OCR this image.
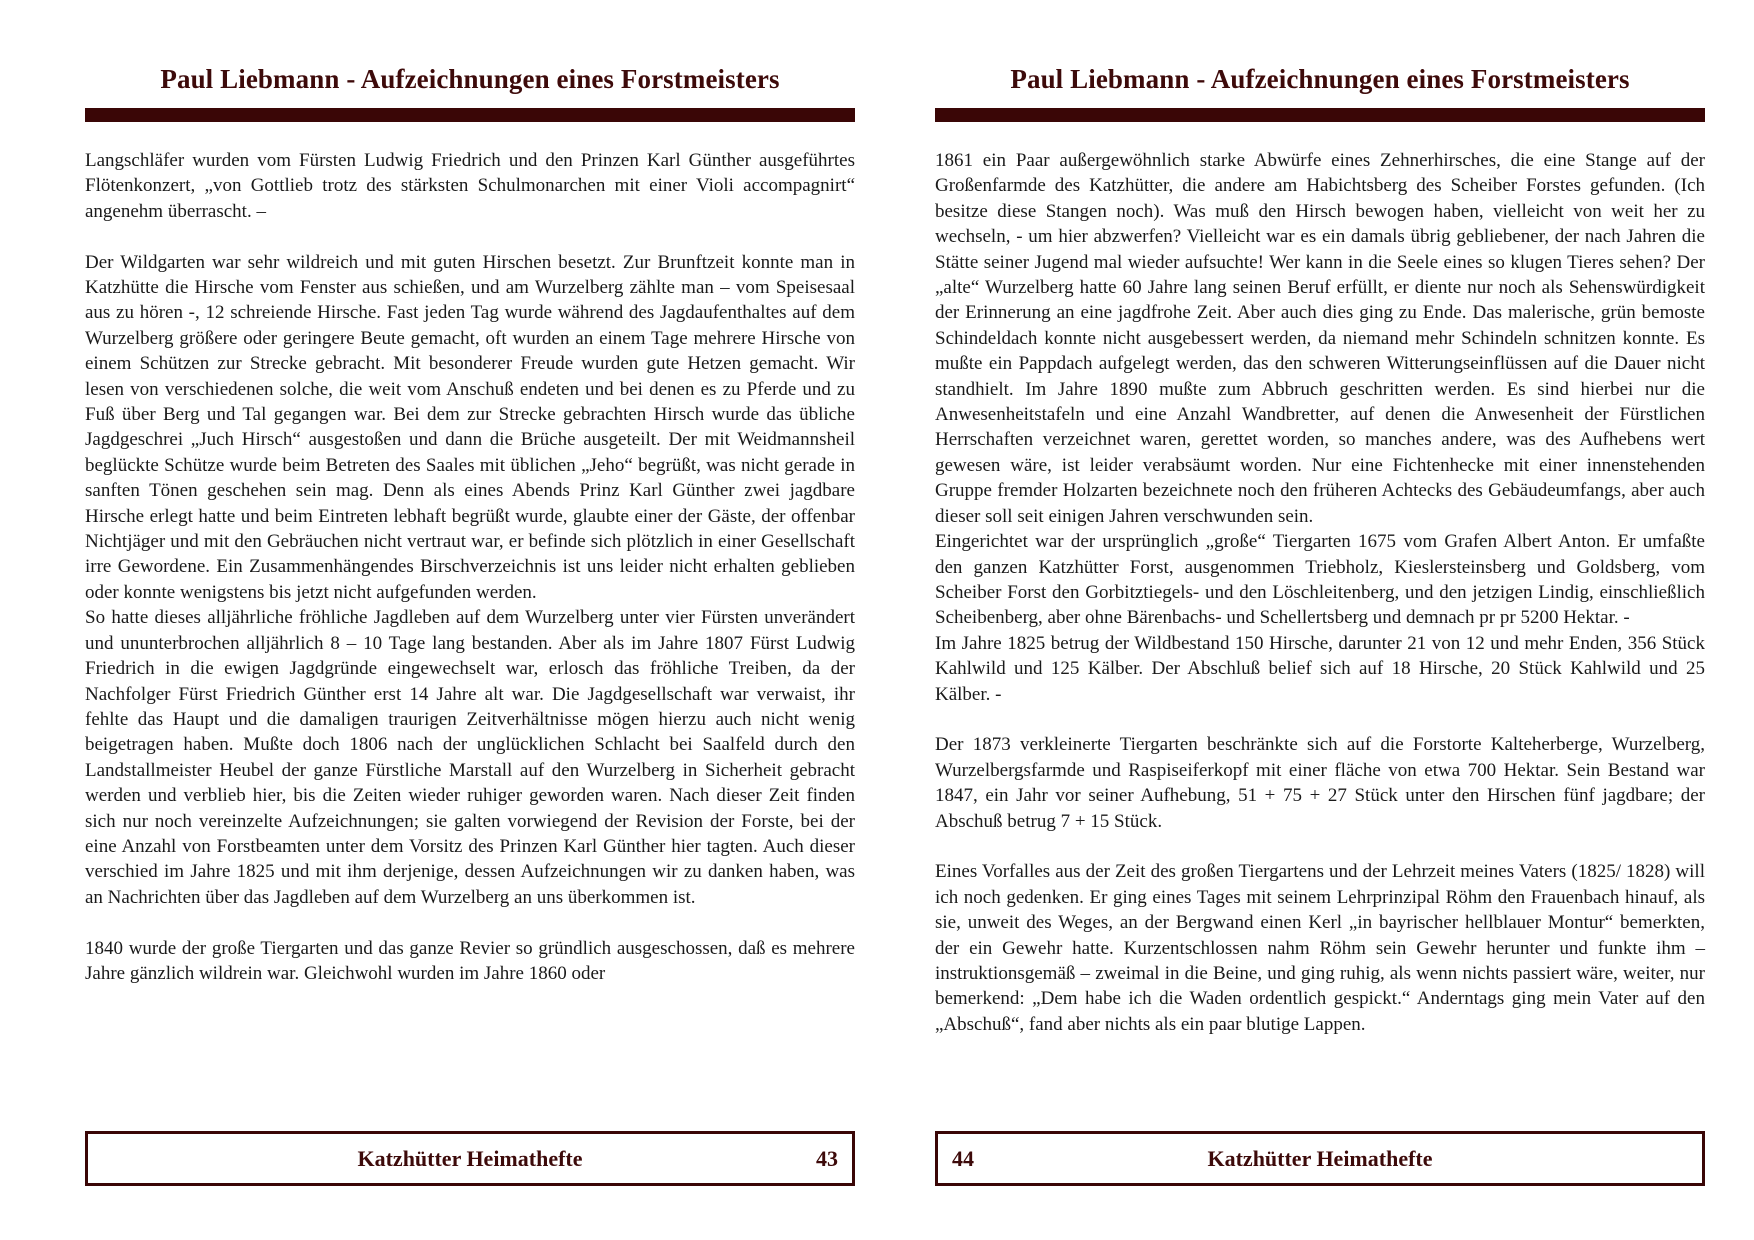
Paul Liebmann - Aufzeichnungen eines Forstmeisters

Langschläfer wurden vom Fürsten Ludwig Friedrich und den Prinzen Karl Günther ausgeführtes Flötenkonzert, „von Gottlieb trotz des stärksten Schulmonarchen mit einer Violi accompagnirt“ angenehm überrascht. –

Der Wildgarten war sehr wildreich und mit guten Hirschen besetzt. Zur Brunftzeit konnte man in Katzhütte die Hirsche vom Fenster aus schießen, und am Wurzelberg zählte man – vom Speisesaal aus zu hören -, 12 schreiende Hirsche. Fast jeden Tag wurde während des Jagdaufenthaltes auf dem Wurzelberg größere oder geringere Beute gemacht, oft wurden an einem Tage mehrere Hirsche von einem Schützen zur Strecke gebracht. Mit besonderer Freude wurden gute Hetzen gemacht. Wir lesen von verschiedenen solche, die weit vom Anschuß endeten und bei denen es zu Pferde und zu Fuß über Berg und Tal gegangen war. Bei dem zur Strecke gebrachten Hirsch wurde das übliche Jagdgeschrei „Juch Hirsch“ ausgestoßen und dann die Brüche ausgeteilt. Der mit Weidmannsheil beglückte Schütze wurde beim Betreten des Saales mit üblichen „Jeho“ begrüßt, was nicht gerade in sanften Tönen geschehen sein mag. Denn als eines Abends Prinz Karl Günther zwei jagdbare Hirsche erlegt hatte und beim Eintreten lebhaft begrüßt wurde, glaubte einer der Gäste, der offenbar Nichtjäger und mit den Gebräuchen nicht vertraut war, er befinde sich plötzlich in einer Gesellschaft irre Gewordene. Ein Zusammenhängendes Birschverzeichnis ist uns leider nicht erhalten geblieben oder konnte wenigstens bis jetzt nicht aufgefunden werden.

So hatte dieses alljährliche fröhliche Jagdleben auf dem Wurzelberg unter vier Fürsten unverändert und ununterbrochen alljährlich 8 – 10 Tage lang bestanden. Aber als im Jahre 1807 Fürst Ludwig Friedrich in die ewigen Jagdgründe eingewechselt war, erlosch das fröhliche Treiben, da der Nachfolger Fürst Friedrich Günther erst 14 Jahre alt war. Die Jagdgesellschaft war verwaist, ihr fehlte das Haupt und die damaligen traurigen Zeitverhältnisse mögen hierzu auch nicht wenig beigetragen haben. Mußte doch 1806 nach der unglücklichen Schlacht bei Saalfeld durch den Landstallmeister Heubel der ganze Fürstliche Marstall auf den Wurzelberg in Sicherheit gebracht werden und verblieb hier, bis die Zeiten wieder ruhiger geworden waren. Nach dieser Zeit finden sich nur noch vereinzelte Aufzeichnungen; sie galten vorwiegend der Revision der Forste, bei der eine Anzahl von Forstbeamten unter dem Vorsitz des Prinzen Karl Günther hier tagten. Auch dieser verschied im Jahre 1825 und mit ihm derjenige, dessen Aufzeichnungen wir zu danken haben, was an Nachrichten über das Jagdleben auf dem Wurzelberg an uns überkommen ist.

1840 wurde der große Tiergarten und das ganze Revier so gründlich ausgeschossen, daß es mehrere Jahre gänzlich wildrein war. Gleichwohl wurden im Jahre 1860 oder

Katzhütter Heimathefte	43
Paul Liebmann - Aufzeichnungen eines Forstmeisters

1861 ein Paar außergewöhnlich starke Abwürfe eines Zehnerhirsches, die eine Stange auf der Großenfarmde des Katzhütter, die andere am Habichtsberg des Scheiber Forstes gefunden. (Ich besitze diese Stangen noch). Was muß den Hirsch bewogen haben, vielleicht von weit her zu wechseln, - um hier abzwerfen? Vielleicht war es ein damals übrig gebliebener, der nach Jahren die Stätte seiner Jugend mal wieder aufsuchte! Wer kann in die Seele eines so klugen Tieres sehen? Der „alte“ Wurzelberg hatte 60 Jahre lang seinen Beruf erfüllt, er diente nur noch als Sehenswürdigkeit der Erinnerung an eine jagdfrohe Zeit. Aber auch dies ging zu Ende. Das malerische, grün bemoste Schindeldach konnte nicht ausgebessert werden, da niemand mehr Schindeln schnitzen konnte. Es mußte ein Pappdach aufgelegt werden, das den schweren Witterungseinflüssen auf die Dauer nicht standhielt. Im Jahre 1890 mußte zum Abbruch geschritten werden. Es sind hierbei nur die Anwesenheitstafeln und eine Anzahl Wandbretter, auf denen die Anwesenheit der Fürstlichen Herrschaften verzeichnet waren, gerettet worden, so manches andere, was des Aufhebens wert gewesen wäre, ist leider verabsäumt worden. Nur eine Fichtenhecke mit einer innenstehenden Gruppe fremder Holzarten bezeichnete noch den früheren Achtecks des Gebäudeumfangs, aber auch dieser soll seit einigen Jahren verschwunden sein.

Eingerichtet war der ursprünglich „große“ Tiergarten 1675 vom Grafen Albert Anton. Er umfaßte den ganzen Katzhütter Forst, ausgenommen Triebholz, Kieslersteinsberg und Goldsberg, vom Scheiber Forst den Gorbitztiegels- und den Löschleitenberg, und den jetzigen Lindig, einschließlich Scheibenberg, aber ohne Bärenbachs- und Schellertsberg und demnach pr pr 5200 Hektar. -

Im Jahre 1825 betrug der Wildbestand 150 Hirsche, darunter 21 von 12 und mehr Enden, 356 Stück Kahlwild und 125 Kälber. Der Abschluß belief sich auf 18 Hirsche, 20 Stück Kahlwild und 25 Kälber. -

Der 1873 verkleinerte Tiergarten beschränkte sich auf die Forstorte Kalteherberge, Wurzelberg, Wurzelbergsfarmde und Raspiseiferkopf mit einer fläche von etwa 700 Hektar. Sein Bestand war 1847, ein Jahr vor seiner Aufhebung, 51 + 75 + 27 Stück unter den Hirschen fünf jagdbare; der Abschuß betrug 7 + 15 Stück.

Eines Vorfalles aus der Zeit des großen Tiergartens und der Lehrzeit meines Vaters (1825/ 1828) will ich noch gedenken. Er ging eines Tages mit seinem Lehrprinzipal Röhm den Frauenbach hinauf, als sie, unweit des Weges, an der Bergwand einen Kerl „in bayrischer hellblauer Montur“ bemerkten, der ein Gewehr hatte. Kurzentschlossen nahm Röhm sein Gewehr herunter und funkte ihm – instruktionsgemäß – zweimal in die Beine, und ging ruhig, als wenn nichts passiert wäre, weiter, nur bemerkend: „Dem habe ich die Waden ordentlich gespickt.“ Anderntags ging mein Vater auf den „Abschuß“, fand aber nichts als ein paar blutige Lappen.

44	Katzhütter Heimathefte
